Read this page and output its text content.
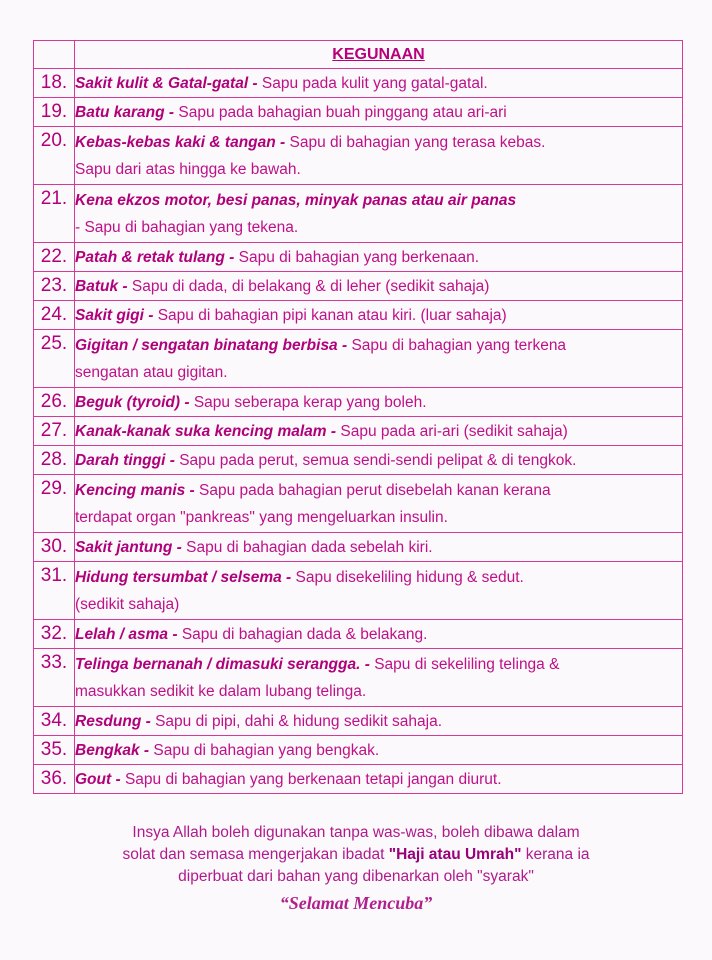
	KEGUNAAN
18.	Sakit kulit & Gatal-gatal - Sapu pada kulit yang gatal-gatal.

19.	Batu karang - Sapu pada bahagian buah pinggang atau ari-ari

20.	Kebas-kebas kaki & tangan - Sapu di bahagian yang terasa kebas.
Sapu dari atas hingga ke bawah.

21.	Kena ekzos motor, besi panas, minyak panas atau air panas
- Sapu di bahagian yang tekena.

22.	Patah & retak tulang - Sapu di bahagian yang berkenaan.

23.	Batuk - Sapu di dada, di belakang & di leher (sedikit sahaja)

24.	Sakit gigi - Sapu di bahagian pipi kanan atau kiri. (luar sahaja)

25.	Gigitan / sengatan binatang berbisa - Sapu di bahagian yang terkena
sengatan atau gigitan.

26.	Beguk (tyroid) - Sapu seberapa kerap yang boleh.

27.	Kanak-kanak suka kencing malam - Sapu pada ari-ari (sedikit sahaja)

28.	Darah tinggi - Sapu pada perut, semua sendi-sendi pelipat & di tengkok.

29.	Kencing manis - Sapu pada bahagian perut disebelah kanan kerana
terdapat organ "pankreas" yang mengeluarkan insulin.

30.	Sakit jantung - Sapu di bahagian dada sebelah kiri.

31.	Hidung tersumbat / selsema - Sapu disekeliling hidung & sedut.
(sedikit sahaja)

32.	Lelah / asma - Sapu di bahagian dada & belakang.

33.	Telinga bernanah / dimasuki serangga. - Sapu di sekeliling telinga &
masukkan sedikit ke dalam lubang telinga.

34.	Resdung - Sapu di pipi, dahi & hidung sedikit sahaja.

35.	Bengkak - Sapu di bahagian yang bengkak.

36.	Gout - Sapu di bahagian yang berkenaan tetapi jangan diurut.
Insya Allah boleh digunakan tanpa was-was, boleh dibawa dalam
solat dan semasa mengerjakan ibadat "Haji atau Umrah" kerana ia
diperbuat dari bahan yang dibenarkan oleh "syarak"
“Selamat Mencuba”
